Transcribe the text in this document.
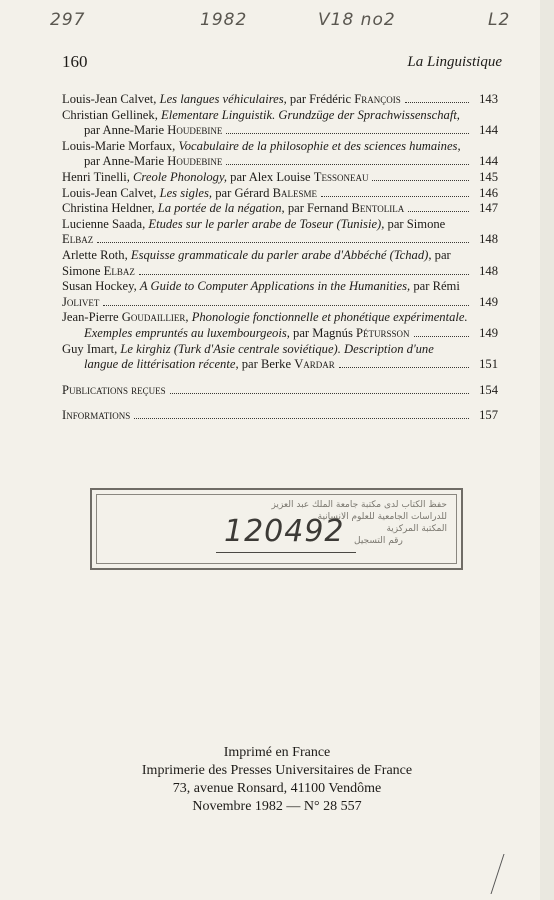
297	1982	V18 no2	L2
160	La Linguistique
Louis-Jean Calvet, Les langues véhiculaires, par Frédéric François	143
Christian Gellinek, Elementare Linguistik. Grundzüge der Sprachwissenschaft,
par Anne-Marie Houdebine	144
Louis-Marie Morfaux, Vocabulaire de la philosophie et des sciences humaines,
par Anne-Marie Houdebine	144
Henri Tinelli, Creole Phonology, par Alex Louise Tessoneau	145
Louis-Jean Calvet, Les sigles, par Gérard Balesme	146
Christina Heldner, La portée de la négation, par Fernand Bentolila	147
Lucienne Saada, Etudes sur le parler arabe de Toseur (Tunisie), par Simone
Elbaz	148
Arlette Roth, Esquisse grammaticale du parler arabe d'Abbéché (Tchad), par
Simone Elbaz	148
Susan Hockey, A Guide to Computer Applications in the Humanities, par Rémi
Jolivet	149
Jean-Pierre Goudaillier, Phonologie fonctionnelle et phonétique expérimentale.
Exemples empruntés au luxembourgeois, par Magnús Pétursson	149
Guy Imart, Le kirghiz (Turk d'Asie centrale soviétique). Description d'une
langue de littérisation récente, par Berke Vardar	151
Publications reçues	154
Informations	157
حفظ الكتاب لدى مكتبة جامعة الملك عبد العزيز
للدراسات الجامعية للعلوم الانسانية
المكتبة المركزية
120492 رقم التسجيل
Imprimé en France
Imprimerie des Presses Universitaires de France
73, avenue Ronsard, 41100 Vendôme
Novembre 1982 — N° 28 557
